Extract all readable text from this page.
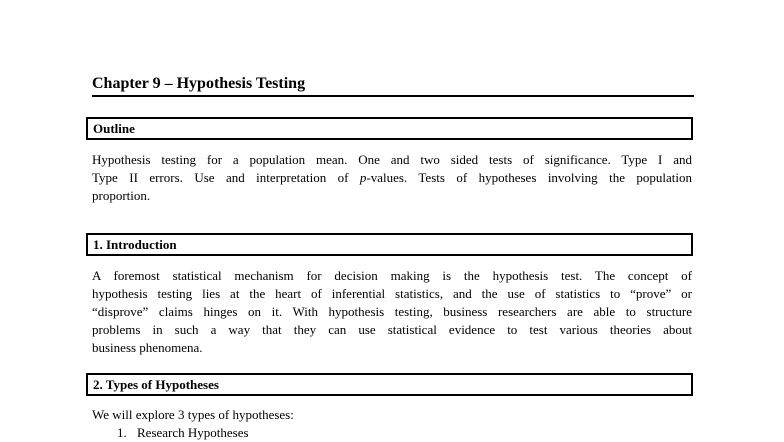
Chapter 9 – Hypothesis Testing
Outline
Hypothesis testing for a population mean. One and two sided tests of significance. Type I and
Type II errors. Use and interpretation of p-values. Tests of hypotheses involving the population
proportion.
1. Introduction
A foremost statistical mechanism for decision making is the hypothesis test. The concept of
hypothesis testing lies at the heart of inferential statistics, and the use of statistics to “prove” or
“disprove” claims hinges on it. With hypothesis testing, business researchers are able to structure
problems in such a way that they can use statistical evidence to test various theories about
business phenomena.
2. Types of Hypotheses
We will explore 3 types of hypotheses:
1. Research Hypotheses
